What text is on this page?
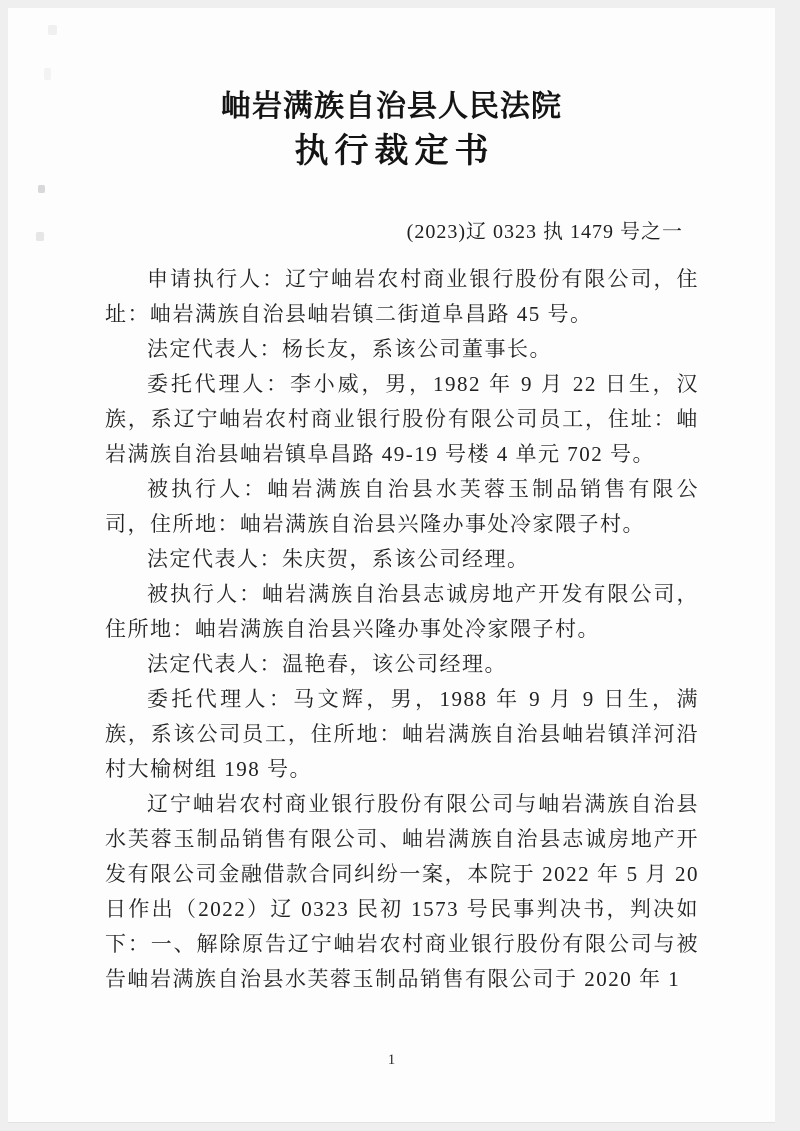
岫岩满族自治县人民法院
执行裁定书
(2023)辽 0323 执 1479 号之一

申请执行人：辽宁岫岩农村商业银行股份有限公司，住址：岫岩满族自治县岫岩镇二街道阜昌路 45 号。

法定代表人：杨长友，系该公司董事长。

委托代理人：李小威，男，1982 年 9 月 22 日生，汉族，系辽宁岫岩农村商业银行股份有限公司员工，住址：岫岩满族自治县岫岩镇阜昌路 49-19 号楼 4 单元 702 号。

被执行人：岫岩满族自治县水芙蓉玉制品销售有限公司，住所地：岫岩满族自治县兴隆办事处冷家隈子村。

法定代表人：朱庆贺，系该公司经理。

被执行人：岫岩满族自治县志诚房地产开发有限公司，住所地：岫岩满族自治县兴隆办事处冷家隈子村。

法定代表人：温艳春，该公司经理。

委托代理人：马文辉，男，1988 年 9 月 9 日生，满族，系该公司员工，住所地：岫岩满族自治县岫岩镇洋河沿村大榆树组 198 号。

辽宁岫岩农村商业银行股份有限公司与岫岩满族自治县水芙蓉玉制品销售有限公司、岫岩满族自治县志诚房地产开发有限公司金融借款合同纠纷一案，本院于 2022 年 5 月 20 日作出（2022）辽 0323 民初 1573 号民事判决书，判决如下：一、解除原告辽宁岫岩农村商业银行股份有限公司与被告岫岩满族自治县水芙蓉玉制品销售有限公司于 2020 年 1

1
